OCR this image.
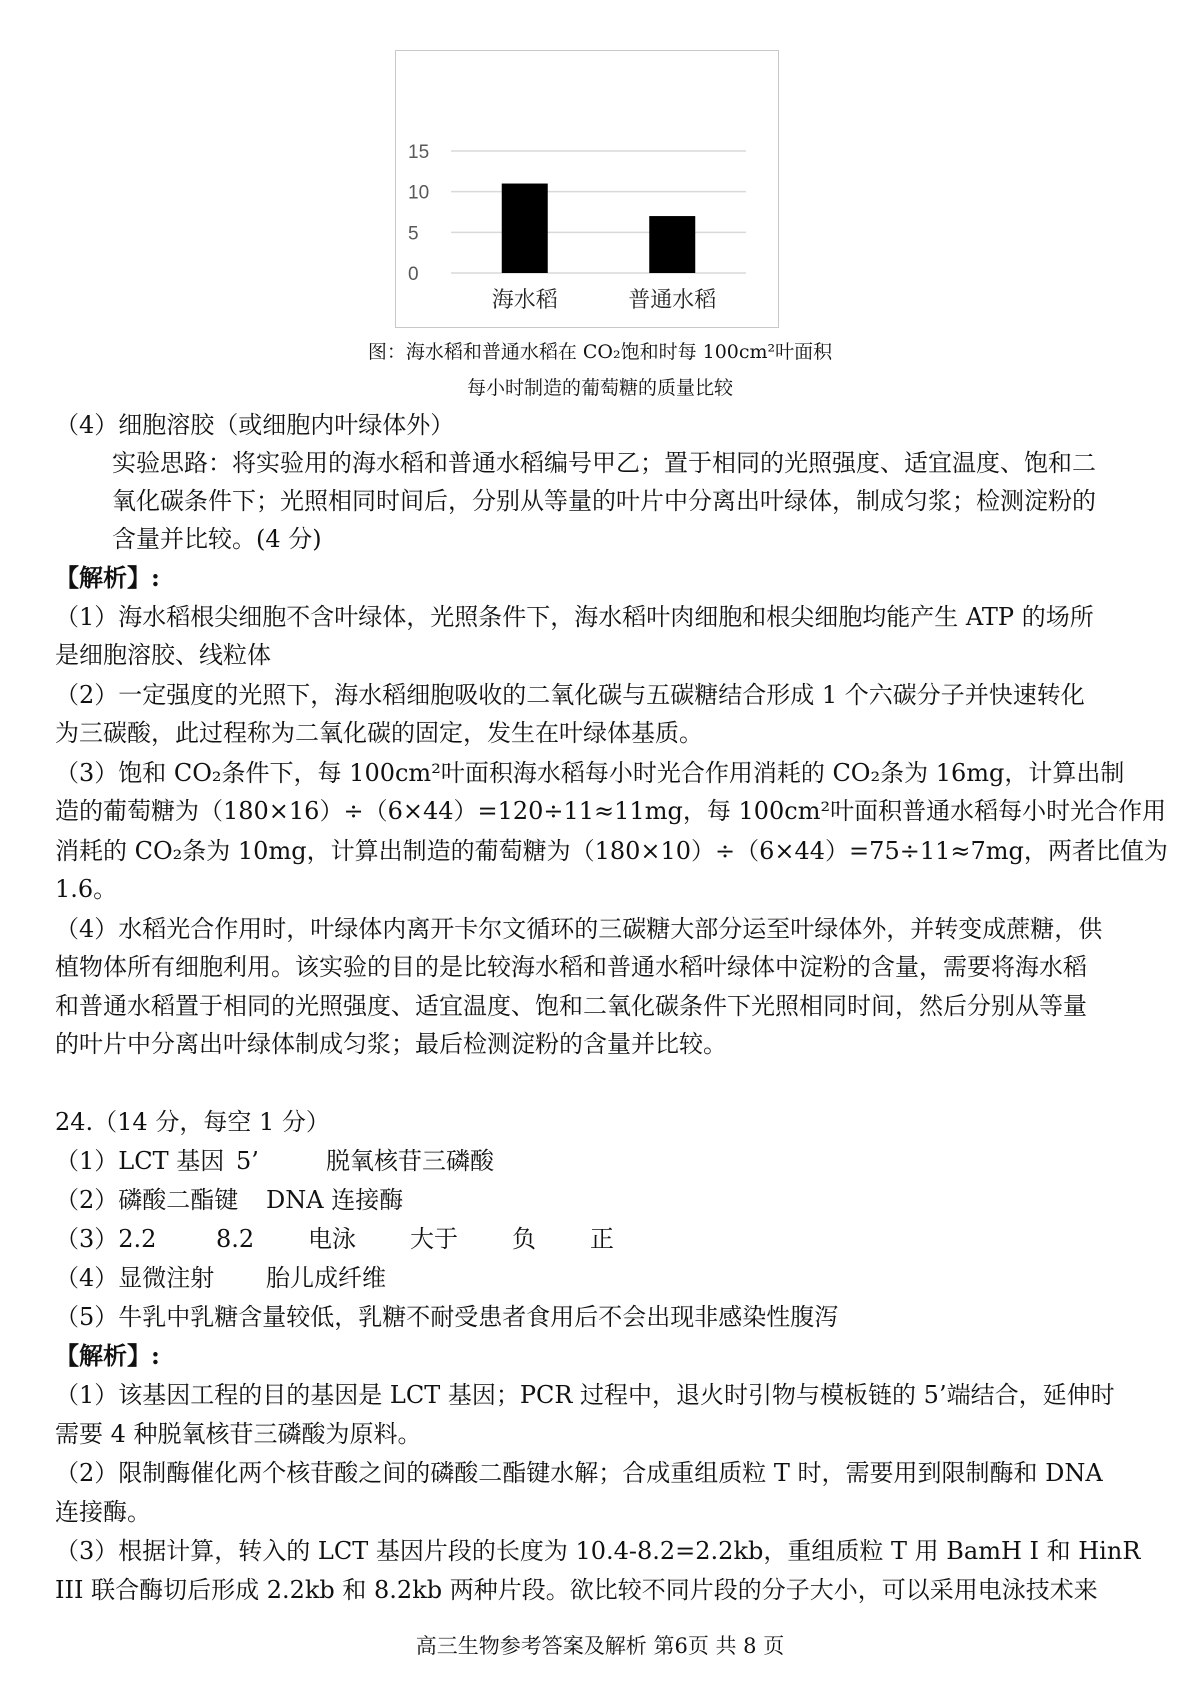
0
5
10
15
海水稻	普通水稻
图：海水稻和普通水稻在 CO₂饱和时每 100cm²叶面积
每小时制造的葡萄糖的质量比较
（4）细胞溶胶（或细胞内叶绿体外）
实验思路：将实验用的海水稻和普通水稻编号甲乙；置于相同的光照强度、适宜温度、饱和二
氧化碳条件下；光照相同时间后，分别从等量的叶片中分离出叶绿体，制成匀浆；检测淀粉的
含量并比较。(4 分)
【解析】:
（1）海水稻根尖细胞不含叶绿体，光照条件下，海水稻叶肉细胞和根尖细胞均能产生 ATP 的场所
是细胞溶胶、线粒体
（2）一定强度的光照下，海水稻细胞吸收的二氧化碳与五碳糖结合形成 1 个六碳分子并快速转化
为三碳酸，此过程称为二氧化碳的固定，发生在叶绿体基质。
（3）饱和 CO₂条件下，每 100cm²叶面积海水稻每小时光合作用消耗的 CO₂条为 16mg，计算出制
造的葡萄糖为（180×16）÷（6×44）=120÷11≈11mg，每 100cm²叶面积普通水稻每小时光合作用
消耗的 CO₂条为 10mg，计算出制造的葡萄糖为（180×10）÷（6×44）=75÷11≈7mg，两者比值为
1.6。
（4）水稻光合作用时，叶绿体内离开卡尔文循环的三碳糖大部分运至叶绿体外，并转变成蔗糖，供
植物体所有细胞利用。该实验的目的是比较海水稻和普通水稻叶绿体中淀粉的含量，需要将海水稻
和普通水稻置于相同的光照强度、适宜温度、饱和二氧化碳条件下光照相同时间，然后分别从等量
的叶片中分离出叶绿体制成匀浆；最后检测淀粉的含量并比较。
24.（14 分，每空 1 分）
（1）LCT 基因 5’	脱氧核苷三磷酸
（2）磷酸二酯键 DNA 连接酶
（3）2.2 8.2 电泳 大于 负 正
（4）显微注射 胎儿成纤维
（5）牛乳中乳糖含量较低，乳糖不耐受患者食用后不会出现非感染性腹泻
【解析】:
（1）该基因工程的目的基因是 LCT 基因；PCR 过程中，退火时引物与模板链的 5’端结合，延伸时
需要 4 种脱氧核苷三磷酸为原料。
（2）限制酶催化两个核苷酸之间的磷酸二酯键水解；合成重组质粒 T 时，需要用到限制酶和 DNA
连接酶。
（3）根据计算，转入的 LCT 基因片段的长度为 10.4-8.2=2.2kb，重组质粒 T 用 BamH I 和 HinR
III 联合酶切后形成 2.2kb 和 8.2kb 两种片段。欲比较不同片段的分子大小，可以采用电泳技术来
高三生物参考答案及解析 第6页 共 8 页
